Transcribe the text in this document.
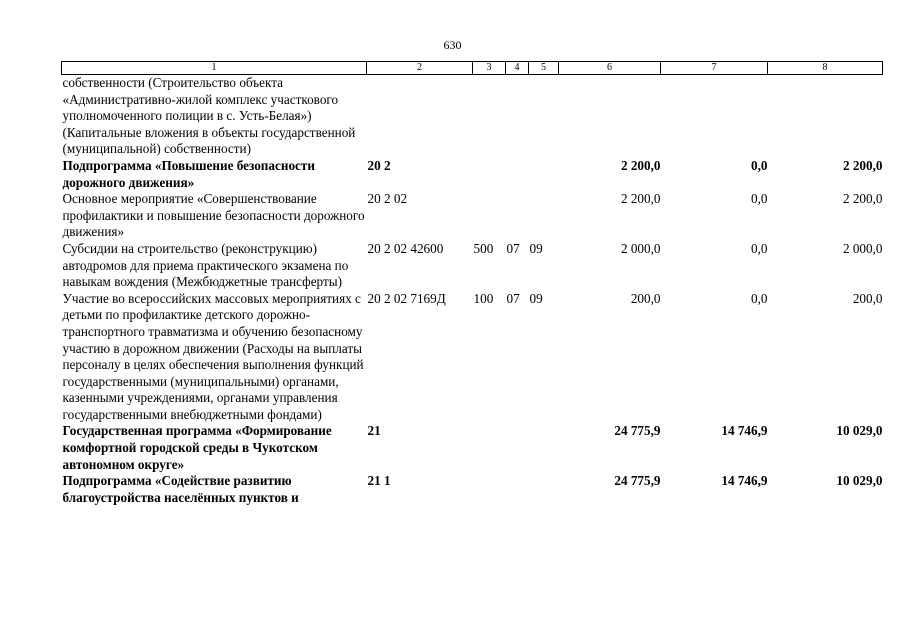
630
1	2	3	4	5	6	7	8
собственности (Строительство объекта «Административно-жилой комплекс участкового уполномоченного полиции в с. Усть-Белая») (Капитальные вложения в объекты государственной (муниципальной) собственности)							
Подпрограмма «Повышение безопасности дорожного движения»	20 2				2 200,0	0,0	2 200,0
Основное мероприятие «Совершенствование профилактики и повышение безопасности дорожного движения»	20 2 02				2 200,0	0,0	2 200,0
Субсидии на строительство (реконструкцию) автодромов для приема практического экзамена по навыкам вождения (Межбюджетные трансферты)	20 2 02 42600	500	07	09	2 000,0	0,0	2 000,0
Участие во всероссийских массовых мероприятиях с детьми по профилактике детского дорожно-транспортного травматизма и обучению безопасному участию в дорожном движении (Расходы на выплаты персоналу в целях обеспечения выполнения функций государственными (муниципальными) органами, казенными учреждениями, органами управления государственными внебюджетными фондами)	20 2 02 7169Д	100	07	09	200,0	0,0	200,0
Государственная программа «Формирование комфортной городской среды в Чукотском автономном округе»	21				24 775,9	14 746,9	10 029,0
Подпрограмма «Содействие развитию благоустройства населённых пунктов и	21 1				24 775,9	14 746,9	10 029,0
